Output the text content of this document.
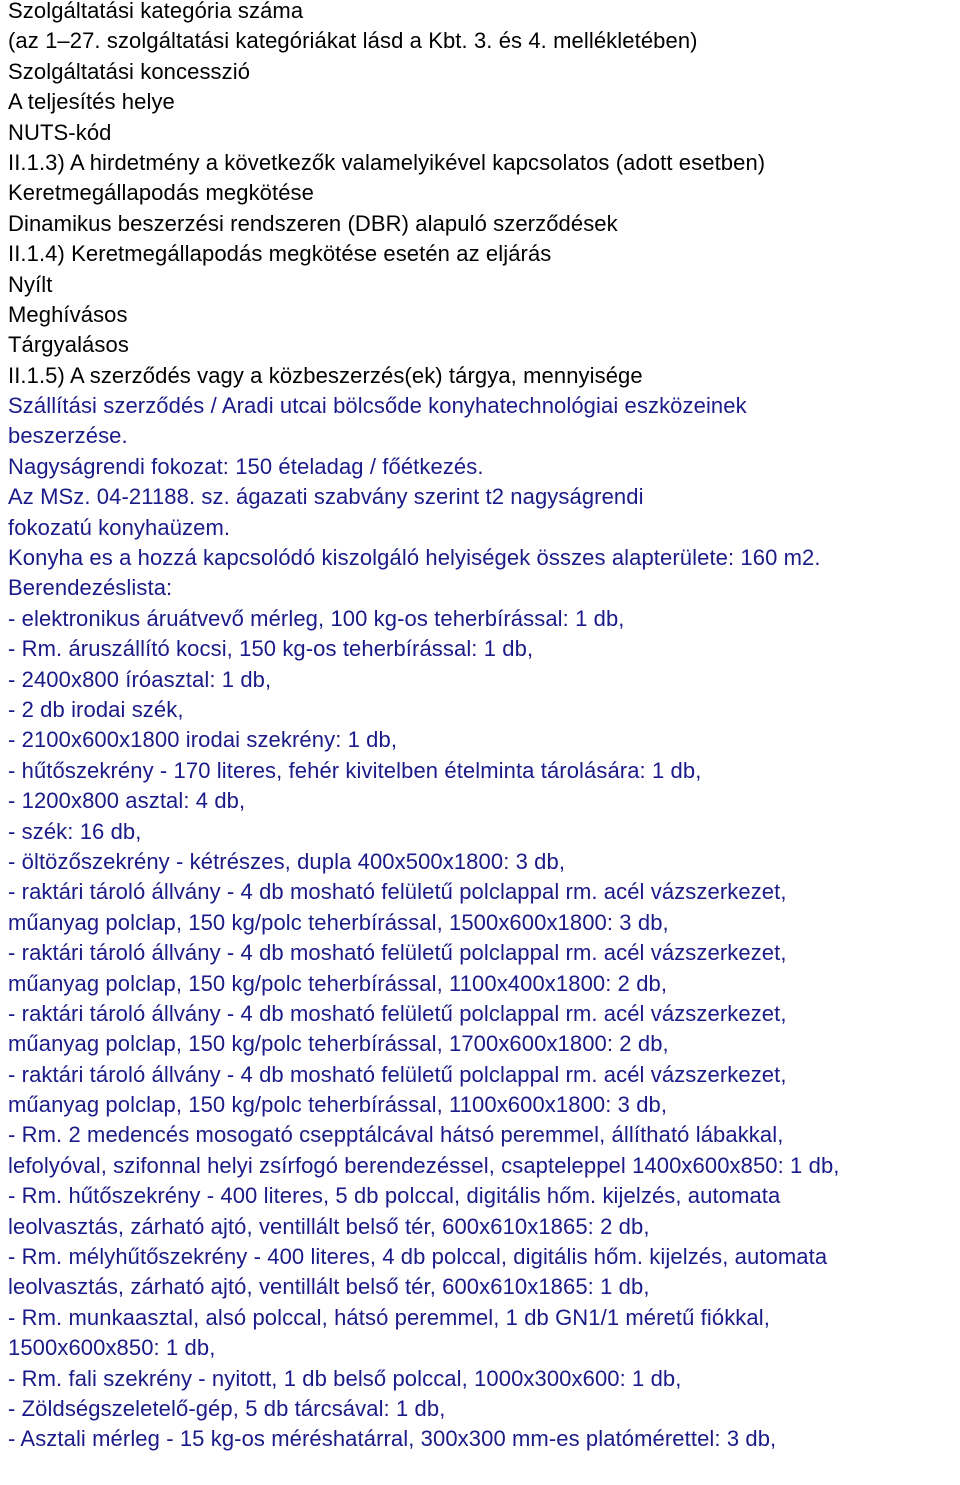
Szolgáltatási kategória száma
(az 1–27. szolgáltatási kategóriákat lásd a Kbt. 3. és 4. mellékletében)
Szolgáltatási koncesszió
A teljesítés helye
NUTS-kód
II.1.3) A hirdetmény a következők valamelyikével kapcsolatos (adott esetben)
Keretmegállapodás megkötése
Dinamikus beszerzési rendszeren (DBR) alapuló szerződések
II.1.4) Keretmegállapodás megkötése esetén az eljárás
Nyílt
Meghívásos
Tárgyalásos
II.1.5) A szerződés vagy a közbeszerzés(ek) tárgya, mennyisége
Szállítási szerződés / Aradi utcai bölcsőde konyhatechnológiai eszközeinek
beszerzése.
Nagyságrendi fokozat: 150 ételadag / főétkezés.
Az MSz. 04-21188. sz. ágazati szabvány szerint t2 nagyságrendi
fokozatú konyhaüzem.
Konyha es a hozzá kapcsolódó kiszolgáló helyiségek összes alapterülete: 160 m2.
Berendezéslista:
- elektronikus áruátvevő mérleg, 100 kg-os teherbírással: 1 db,
- Rm. áruszállító kocsi, 150 kg-os teherbírással: 1 db,
- 2400x800 íróasztal: 1 db,
- 2 db irodai szék,
- 2100x600x1800 irodai szekrény: 1 db,
- hűtőszekrény - 170 literes, fehér kivitelben ételminta tárolására: 1 db,
- 1200x800 asztal: 4 db,
- szék: 16 db,
- öltözőszekrény - kétrészes, dupla 400x500x1800: 3 db,
- raktári tároló állvány - 4 db mosható felületű polclappal rm. acél vázszerkezet,
műanyag polclap, 150 kg/polc teherbírással, 1500x600x1800: 3 db,
- raktári tároló állvány - 4 db mosható felületű polclappal rm. acél vázszerkezet,
műanyag polclap, 150 kg/polc teherbírással, 1100x400x1800: 2 db,
- raktári tároló állvány - 4 db mosható felületű polclappal rm. acél vázszerkezet,
műanyag polclap, 150 kg/polc teherbírással, 1700x600x1800: 2 db,
- raktári tároló állvány - 4 db mosható felületű polclappal rm. acél vázszerkezet,
műanyag polclap, 150 kg/polc teherbírással, 1100x600x1800: 3 db,
- Rm. 2 medencés mosogató csepptálcával hátsó peremmel, állítható lábakkal,
lefolyóval, szifonnal helyi zsírfogó berendezéssel, csapteleppel 1400x600x850: 1 db,
- Rm. hűtőszekrény - 400 literes, 5 db polccal, digitális hőm. kijelzés, automata
leolvasztás, zárható ajtó, ventillált belső tér, 600x610x1865: 2 db,
- Rm. mélyhűtőszekrény - 400 literes, 4 db polccal, digitális hőm. kijelzés, automata
leolvasztás, zárható ajtó, ventillált belső tér, 600x610x1865: 1 db,
- Rm. munkaasztal, alsó polccal, hátsó peremmel, 1 db GN1/1 méretű fiókkal,
1500x600x850: 1 db,
- Rm. fali szekrény - nyitott, 1 db belső polccal, 1000x300x600: 1 db,
- Zöldségszeletelő-gép, 5 db tárcsával: 1 db,
- Asztali mérleg - 15 kg-os méréshatárral, 300x300 mm-es platómérettel: 3 db,
